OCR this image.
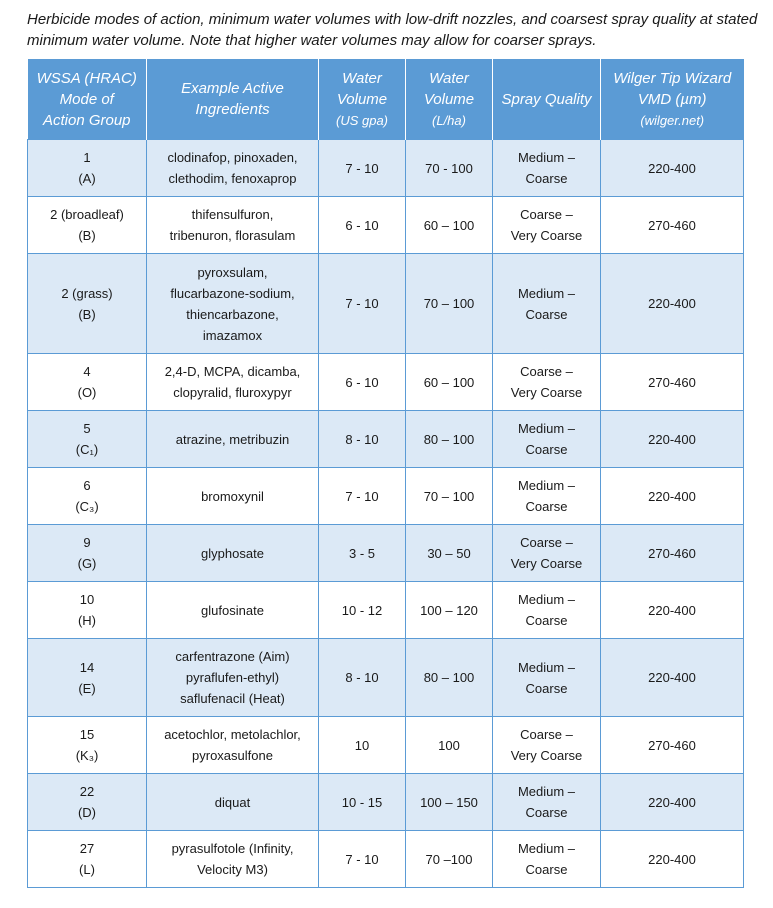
Herbicide modes of action, minimum water volumes with low-drift nozzles, and coarsest spray quality at stated minimum water volume. Note that higher water volumes may allow for coarser sprays.
WSSA (HRAC)
Mode of
Action Group	Example Active
Ingredients	Water
Volume
(US gpa)	Water
Volume
(L/ha)	Spray Quality	Wilger Tip Wizard
VMD (µm)
(wilger.net)

1
(A)	clodinafop, pinoxaden,
clethodim, fenoxaprop	7 - 10	70 - 100	Medium –
Coarse	220-400

2 (broadleaf)
(B)	thifensulfuron,
tribenuron, florasulam	6 - 10	60 – 100	Coarse –
Very Coarse	270-460

2 (grass)
(B)	pyroxsulam,
flucarbazone-sodium,
thiencarbazone,
imazamox	7 - 10	70 – 100	Medium –
Coarse	220-400

4
(O)	2,4-D, MCPA, dicamba,
clopyralid, fluroxypyr	6 - 10	60 – 100	Coarse –
Very Coarse	270-460

5
(C₁)	atrazine, metribuzin	8 - 10	80 – 100	Medium –
Coarse	220-400

6
(C₃)	bromoxynil	7 - 10	70 – 100	Medium –
Coarse	220-400

9
(G)	glyphosate	3 - 5	30 – 50	Coarse –
Very Coarse	270-460

10
(H)	glufosinate	10 - 12	100 – 120	Medium –
Coarse	220-400

14
(E)	carfentrazone (Aim)
pyraflufen-ethyl)
saflufenacil (Heat)	8 - 10	80 – 100	Medium –
Coarse	220-400

15
(K₃)	acetochlor, metolachlor,
pyroxasulfone	10	100	Coarse –
Very Coarse	270-460

22
(D)	diquat	10 - 15	100 – 150	Medium –
Coarse	220-400

27
(L)	pyrasulfotole (Infinity,
Velocity M3)	7 - 10	70 –100	Medium –
Coarse	220-400
